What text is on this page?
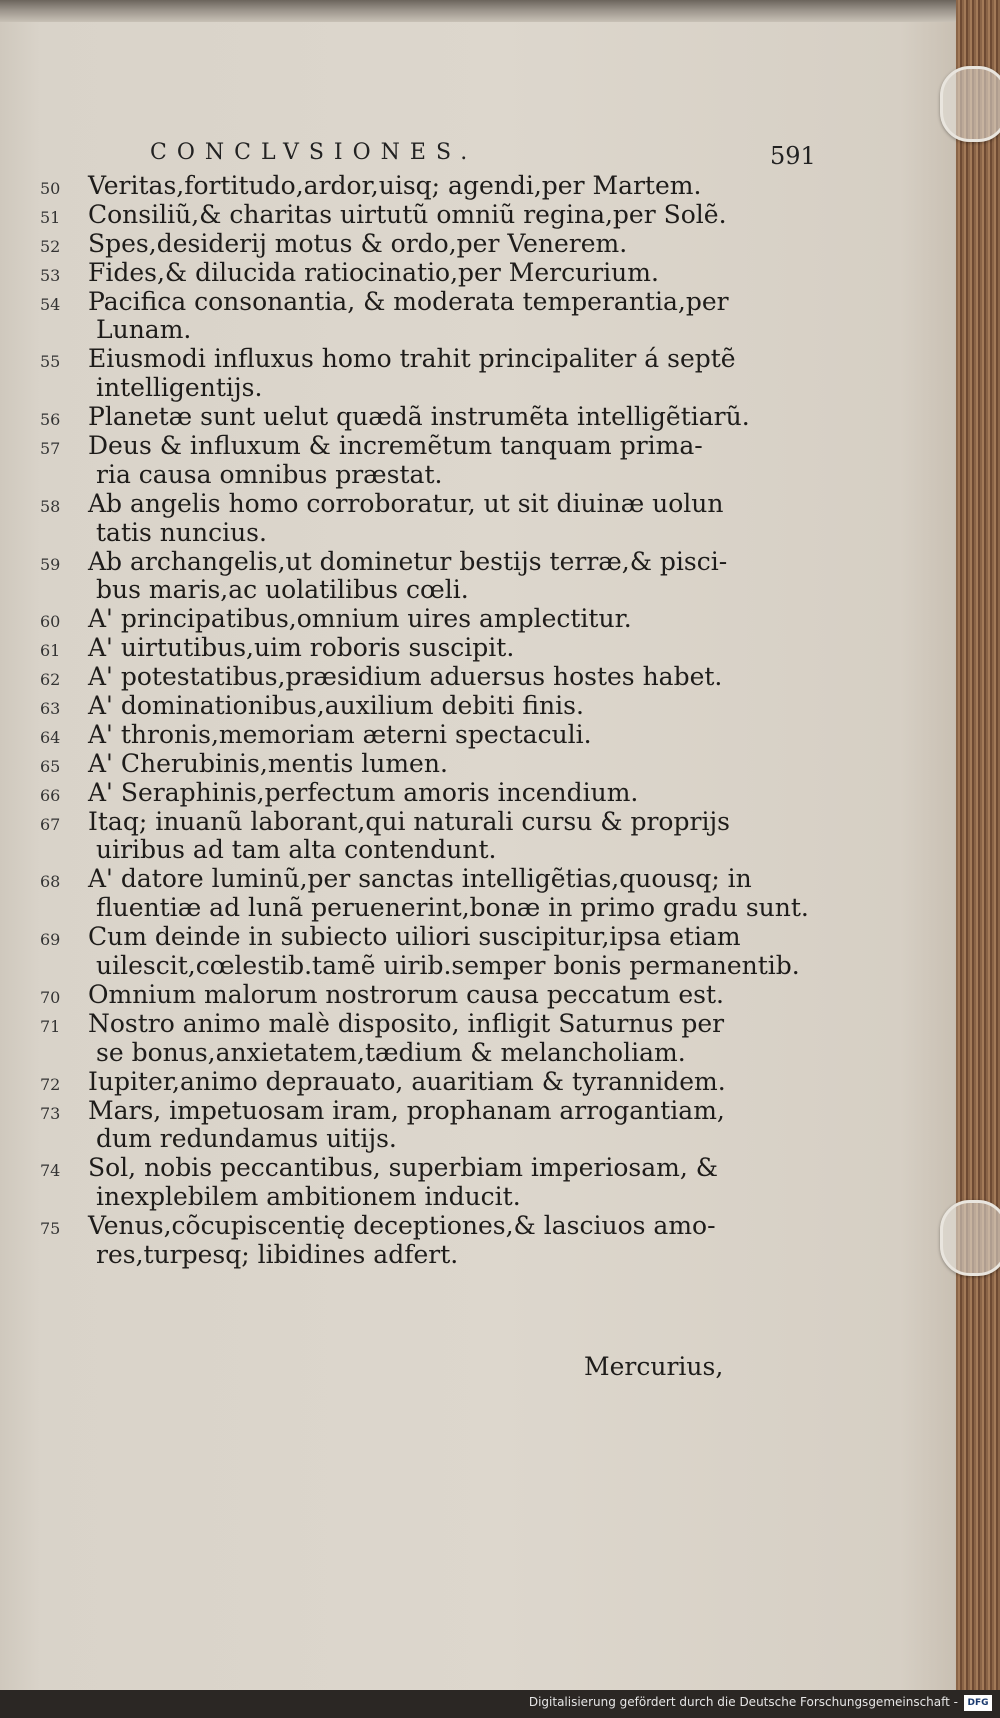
CONCLVSIONES.	591
50 Veritas,fortitudo,ardor,uisq; agendi,per Martem.
51 Consiliũ,& charitas uirtutũ omniũ regina,per Solẽ.
52 Spes,desiderij motus & ordo,per Venerem.
53 Fides,& dilucida ratiocinatio,per Mercurium.
54 Pacifica consonantia, & moderata temperantia,per
Lunam.
55 Eiusmodi influxus homo trahit principaliter á septẽ
intelligentijs.
56 Planetæ sunt uelut quædã instrumẽta intelligẽtiarũ.
57 Deus & influxum & incremẽtum tanquam prima-
ria causa omnibus præstat.
58 Ab angelis homo corroboratur, ut sit diuinæ uolun
tatis nuncius.
59 Ab archangelis,ut dominetur bestijs terræ,& pisci-
bus maris,ac uolatilibus cœli.
60 A' principatibus,omnium uires amplectitur.
61 A' uirtutibus,uim roboris suscipit.
62 A' potestatibus,præsidium aduersus hostes habet.
63 A' dominationibus,auxilium debiti finis.
64 A' thronis,memoriam æterni spectaculi.
65 A' Cherubinis,mentis lumen.
66 A' Seraphinis,perfectum amoris incendium.
67 Itaq; inuanũ laborant,qui naturali cursu & proprijs
uiribus ad tam alta contendunt.
68 A' datore luminũ,per sanctas intelligẽtias,quousq; in
fluentiæ ad lunã peruenerint,bonæ in primo gradu sunt.
69 Cum deinde in subiecto uiliori suscipitur,ipsa etiam
uilescit,cœlestib.tamẽ uirib.semper bonis permanentib.
70 Omnium malorum nostrorum causa peccatum est.
71 Nostro animo malè disposito, infligit Saturnus per
se bonus,anxietatem,tædium & melancholiam.
72 Iupiter,animo deprauato, auaritiam & tyrannidem.
73 Mars, impetuosam iram, prophanam arrogantiam,
dum redundamus uitijs.
74 Sol, nobis peccantibus, superbiam imperiosam, &
inexplebilem ambitionem inducit.
75 Venus,cõcupiscentię deceptiones,& lasciuos amo-
res,turpesq; libidines adfert.
Mercurius,
Digitalisierung gefördert durch die Deutsche Forschungsgemeinschaft -	DFG
